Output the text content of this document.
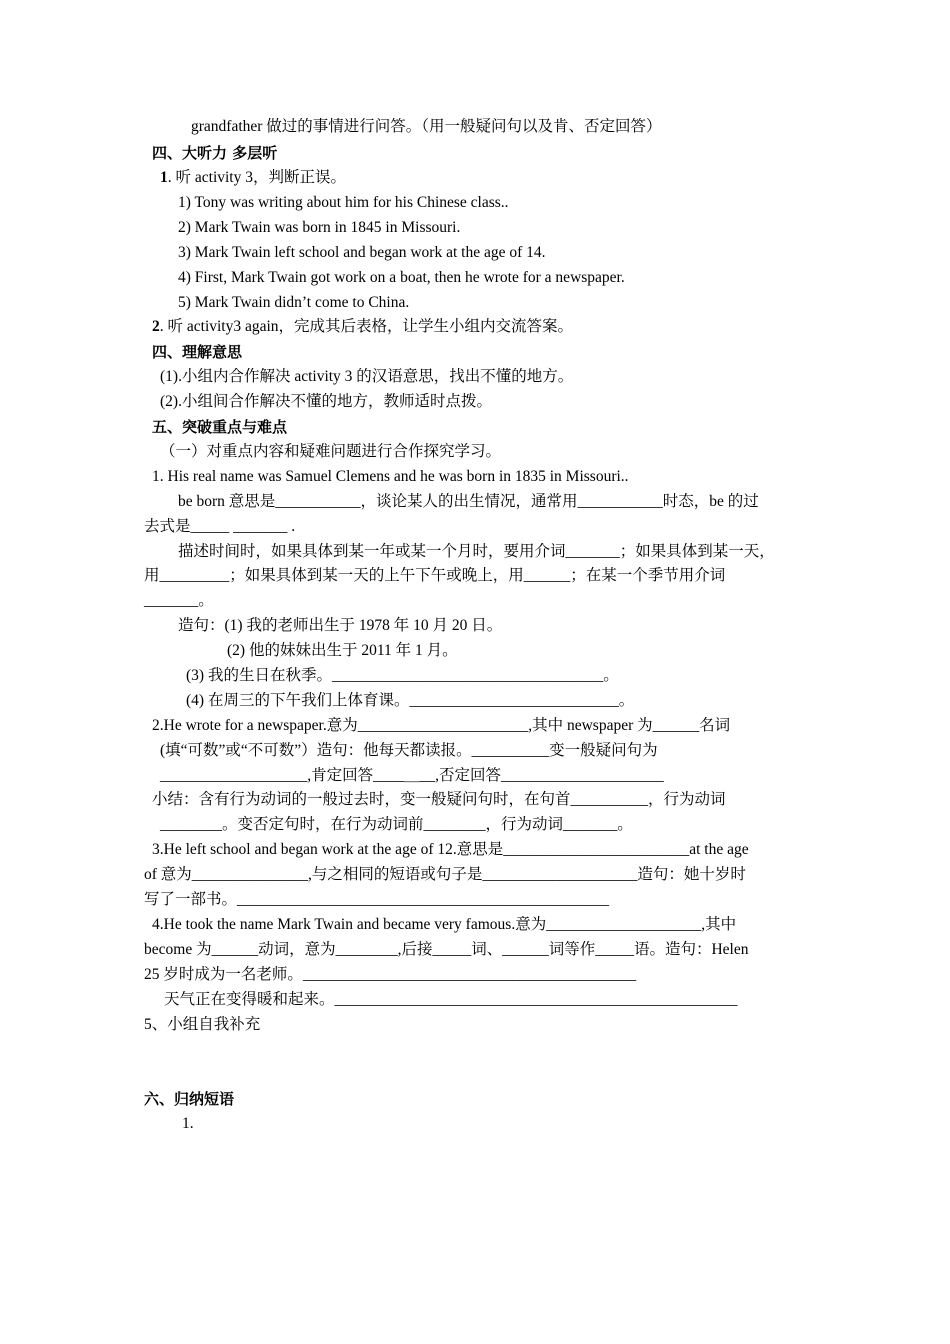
grandfather 做过的事情进行问答。（用一般疑问句以及肯、否定回答）
四、大听力 多层听
1. 听 activity 3，判断正误。
1) Tony was writing about him for his Chinese class..
2) Mark Twain was born in 1845 in Missouri.
3) Mark Twain left school and began work at the age of 14.
4) First, Mark Twain got work on a boat, then he wrote for a newspaper.
5) Mark Twain didn’t come to China.
2. 听 activity3 again，完成其后表格，让学生小组内交流答案。
四、理解意思
(1).小组内合作解决 activity 3 的汉语意思，找出不懂的地方。
(2).小组间合作解决不懂的地方，教师适时点拨。
五、突破重点与难点
（一）对重点内容和疑难问题进行合作探究学习。
1. His real name was Samuel Clemens and he was born in 1835 in Missouri..
be born 意思是___________，谈论某人的出生情况，通常用___________时态，be 的过
去式是_____ _______ .
描述时间时，如果具体到某一年或某一个月时，要用介词_______；如果具体到某一天，
用_________；如果具体到某一天的上午下午或晚上，用______；在某一个季节用介词
_______。
造句：(1) 我的老师出生于 1978 年 10 月 20 日。
(2) 他的妹妹出生于 2011 年 1 月。
(3) 我的生日在秋季。___________________________________。
(4) 在周三的下午我们上体育课。___________________________。
2.He wrote for a newspaper.意为______________________,其中 newspaper 为______名词
(填“可数”或“不可数”）造句：他每天都读报。__________变一般疑问句为
___________________,肯定回答____＿__,否定回答_____________________
小结：含有行为动词的一般过去时，变一般疑问句时，在句首__________，行为动词
________。变否定句时，在行为动词前________，行为动词_______。
3.He left school and began work at the age of 12.意思是________________________at the age
of 意为_______________,与之相同的短语或句子是____________________造句：她十岁时
写了一部书。________________________________________________
4.He took the name Mark Twain and became very famous.意为____________________,其中
become 为______动词，意为________,后接_____词、______词等作_____语。造句：Helen
25 岁时成为一名老师。___________________________________________
天气正在变得暖和起来。____________________________________________________
5、小组自我补充
六、归纳短语
1.
